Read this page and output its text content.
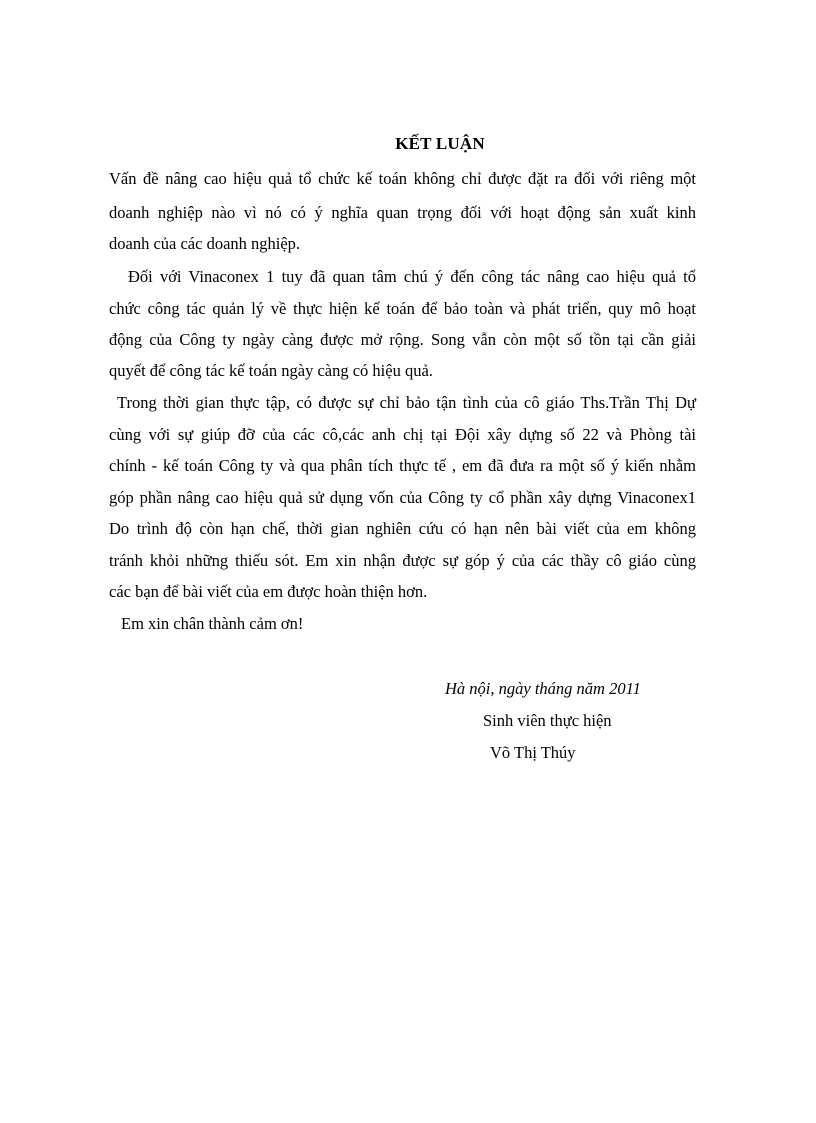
KẾT LUẬN
Vấn đề nâng cao hiệu quả tổ chức kế toán không chỉ được đặt ra đối với riêng một
doanh nghiệp nào vì nó có ý nghĩa quan trọng đối với hoạt động sản xuất kinh
doanh của các doanh nghiệp.
Đối với Vinaconex 1 tuy đã quan tâm chú ý đến công tác nâng cao hiệu quả tổ
chức công tác quản lý về thực hiện kế toán để bảo toàn và phát triển, quy mô hoạt
động của Công ty ngày càng được mở rộng. Song vẫn còn một số tồn tại cần giải
quyết để công tác kế toán ngày càng có hiệu quả.
Trong thời gian thực tập, có được sự chỉ bảo tận tình của cô giáo Ths.Trần Thị Dự
cùng với sự giúp đỡ của các cô,các anh chị tại Đội xây dựng số 22 và Phòng tài
chính - kế toán Công ty và qua phân tích thực tế , em đã đưa ra một số ý kiến nhằm
góp phần nâng cao hiệu quả sử dụng vốn của Công ty cổ phần xây dựng Vinaconex1
Do trình độ còn hạn chế, thời gian nghiên cứu có hạn nên bài viết của em không
tránh khỏi những thiếu sót. Em xin nhận được sự góp ý của các thầy cô giáo cùng
các bạn để bài viết của em được hoàn thiện hơn.
Em xin chân thành cảm ơn!
Hà nội, ngày tháng năm 2011
Sinh viên thực hiện
Võ Thị Thúy
